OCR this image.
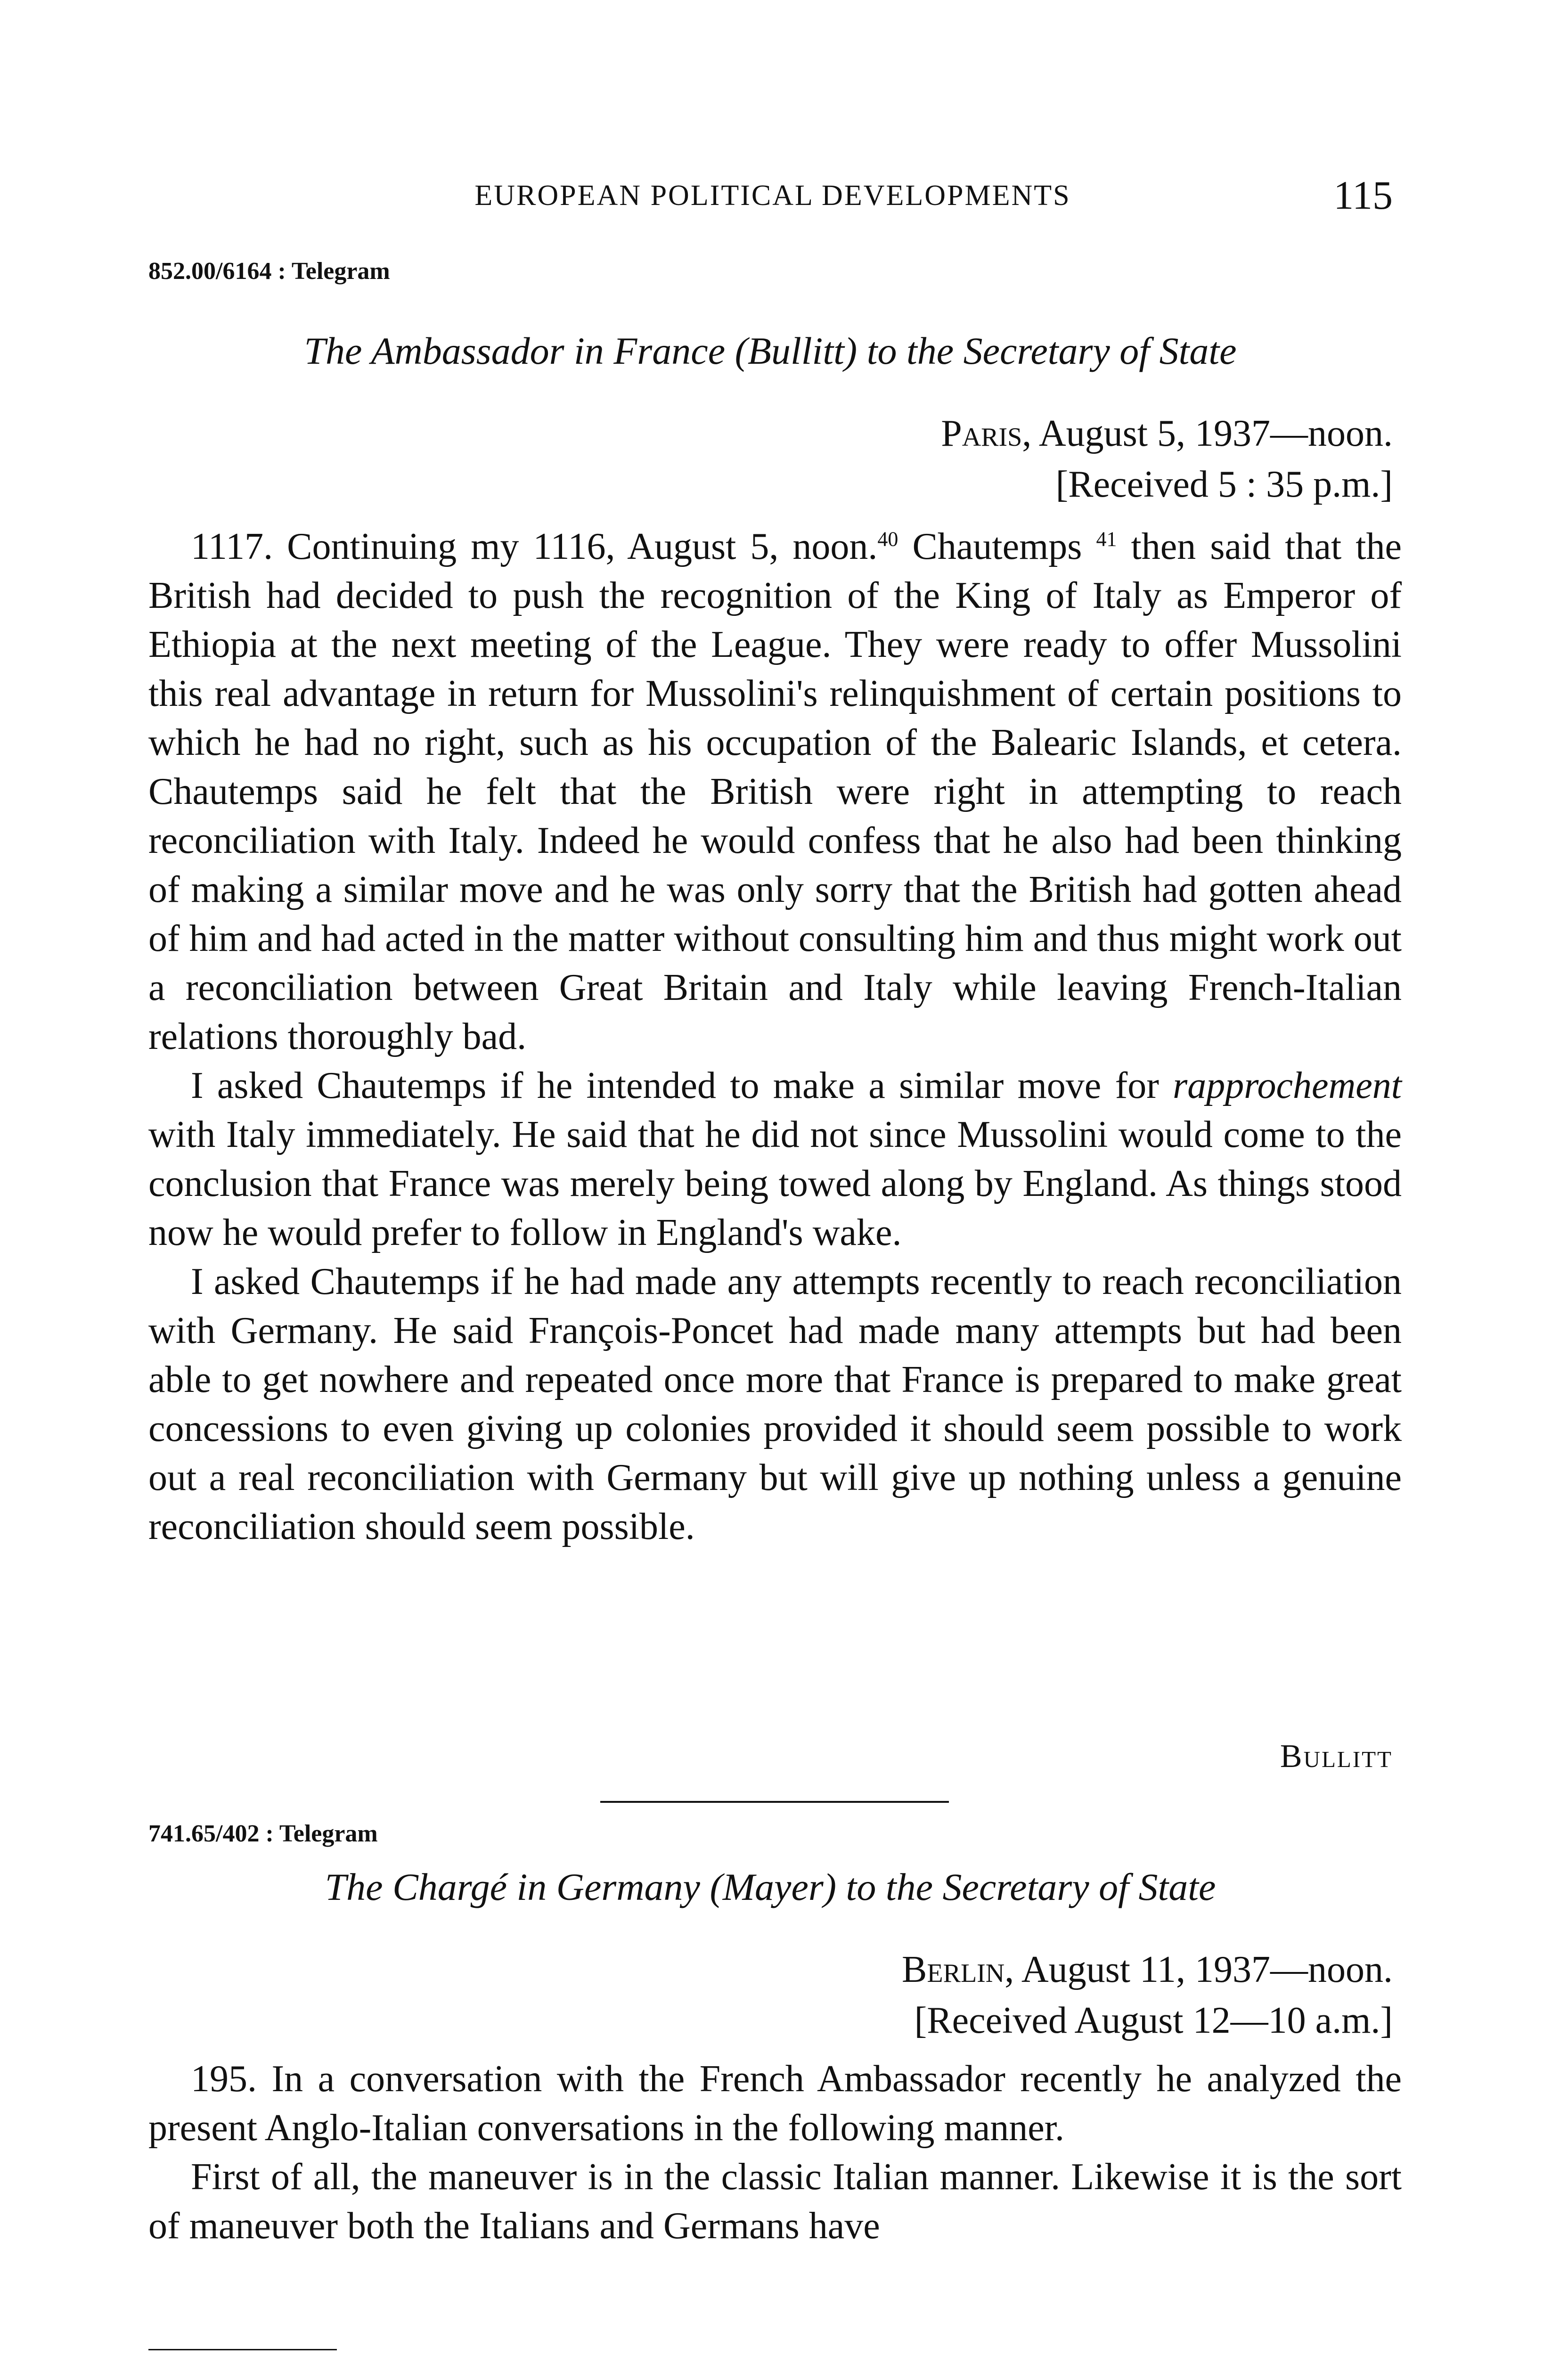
EUROPEAN POLITICAL DEVELOPMENTS	115
852.00/6164 : Telegram
The Ambassador in France (Bullitt) to the Secretary of State
Paris, August 5, 1937—noon.
[Received 5 : 35 p.m.]

1117. Continuing my 1116, August 5, noon.$^{40}$ Chautemps $^{41}$ then said that the British had decided to push the recognition of the King of Italy as Emperor of Ethiopia at the next meeting of the League. They were ready to offer Mussolini this real advantage in return for Mussolini's relinquishment of certain positions to which he had no right, such as his occupation of the Balearic Islands, et cetera. Chautemps said he felt that the British were right in attempting to reach reconciliation with Italy. Indeed he would confess that he also had been thinking of making a similar move and he was only sorry that the British had gotten ahead of him and had acted in the matter without consulting him and thus might work out a reconciliation between Great Britain and Italy while leaving French-Italian relations thoroughly bad.

I asked Chautemps if he intended to make a similar move for rapprochement with Italy immediately. He said that he did not since Mussolini would come to the conclusion that France was merely being towed along by England. As things stood now he would prefer to follow in England's wake.

I asked Chautemps if he had made any attempts recently to reach reconciliation with Germany. He said François-Poncet had made many attempts but had been able to get nowhere and repeated once more that France is prepared to make great concessions to even giving up colonies provided it should seem possible to work out a real reconciliation with Germany but will give up nothing unless a genuine reconciliation should seem possible.

Bullitt
741.65/402 : Telegram
The Chargé in Germany (Mayer) to the Secretary of State
Berlin, August 11, 1937—noon.
[Received August 12—10 a.m.]

195. In a conversation with the French Ambassador recently he analyzed the present Anglo-Italian conversations in the following manner.

First of all, the maneuver is in the classic Italian manner. Likewise it is the sort of maneuver both the Italians and Germans have
